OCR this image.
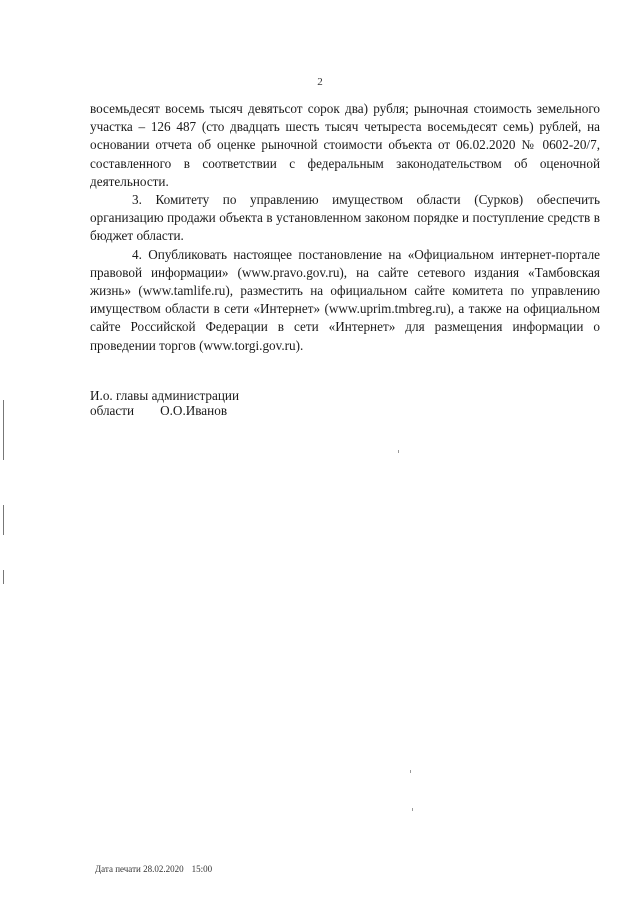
2

восемьдесят восемь тысяч девятьсот сорок два) рубля; рыночная стоимость земельного участка – 126 487 (сто двадцать шесть тысяч четыреста восемьдесят семь) рублей, на основании отчета об оценке рыночной стоимости объекта от 06.02.2020 № 0602-20/7, составленного в соответствии с федеральным законодательством об оценочной деятельности.

3. Комитету по управлению имуществом области (Сурков) обеспечить организацию продажи объекта в установленном законом порядке и поступление средств в бюджет области.

4. Опубликовать настоящее постановление на «Официальном интернет-портале правовой информации» (www.pravo.gov.ru), на сайте сетевого издания «Тамбовская жизнь» (www.tamlife.ru), разместить на официальном сайте комитета по управлению имуществом области в сети «Интернет» (www.uprim.tmbreg.ru), а также на официальном сайте Российской Федерации в сети «Интернет» для размещения информации о проведении торгов (www.torgi.gov.ru).

И.о. главы администрации
области О.О.Иванов
Дата печати 28.02.2020 15:00
